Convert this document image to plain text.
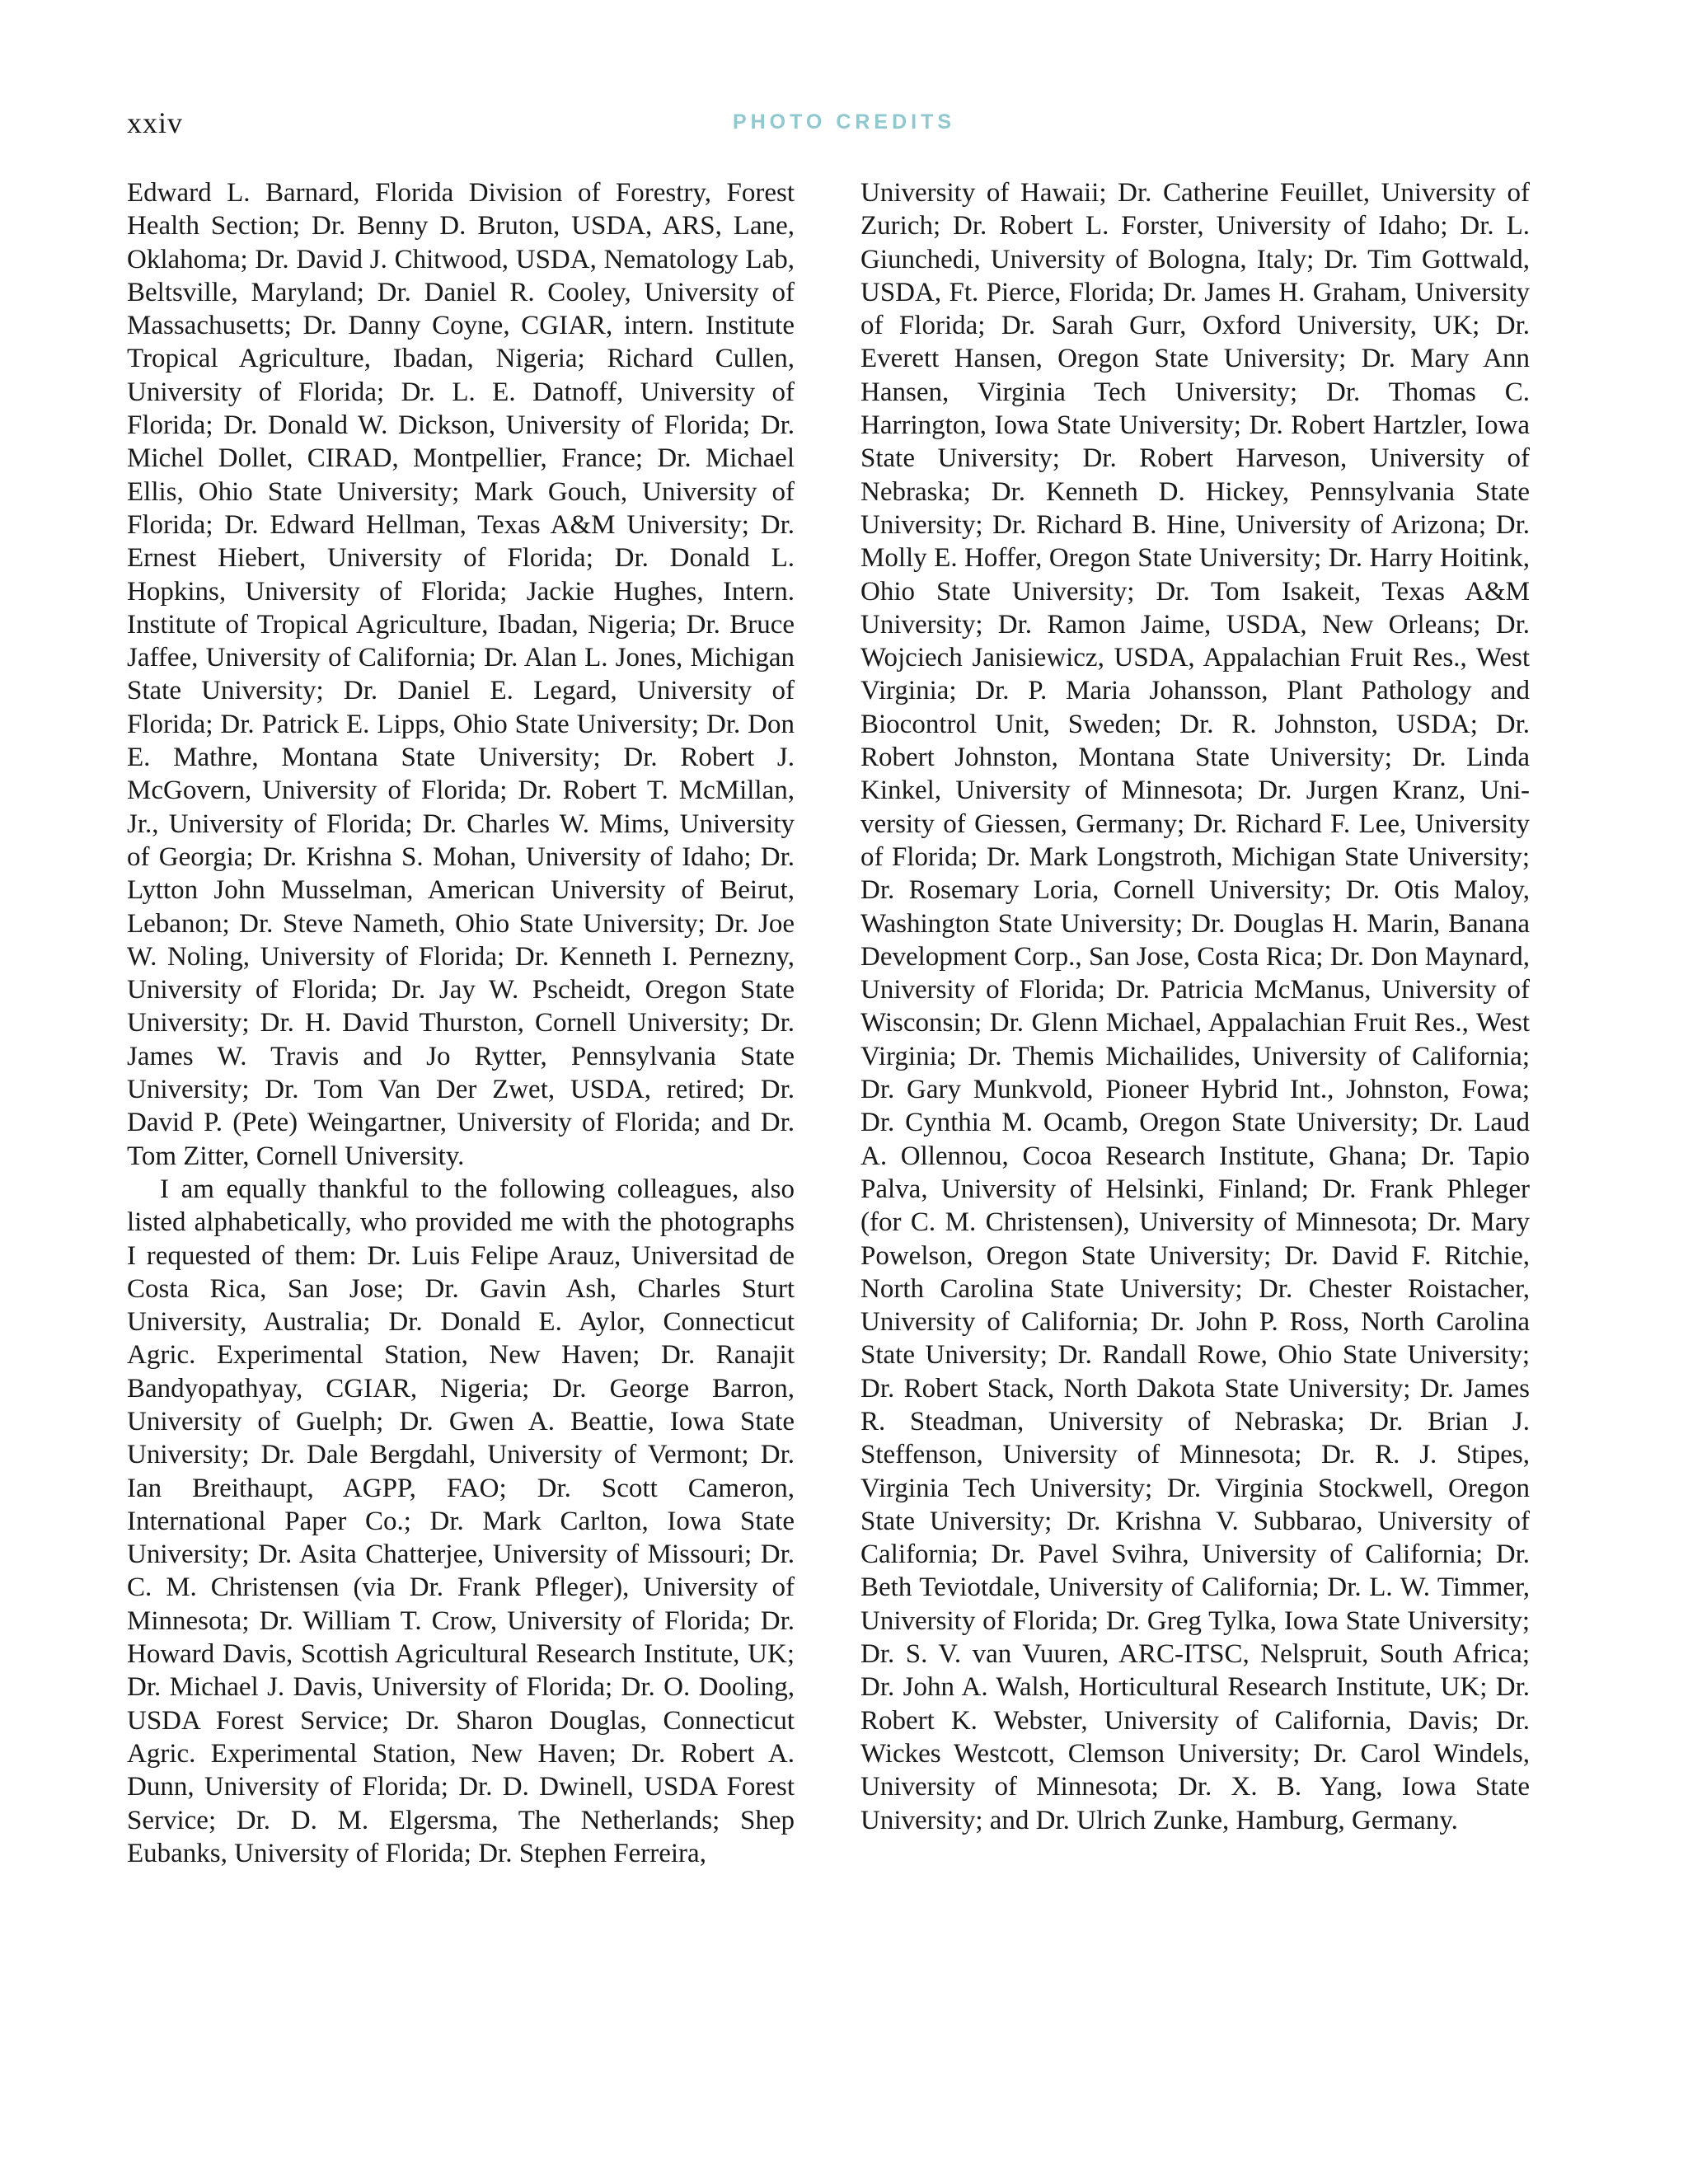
xxiv	PHOTO CREDITS

Edward L. Barnard, Florida Division of Forestry, Forest Health Section; Dr. Benny D. Bruton, USDA, ARS, Lane, Oklahoma; Dr. David J. Chitwood, USDA, Nematology Lab, Beltsville, Maryland; Dr. Daniel R. Cooley, University of Massachusetts; Dr. Danny Coyne, CGIAR, intern. Institute Tropical Agriculture, Ibadan, Nigeria; Richard Cullen, University of Florida; Dr. L. E. Datnoff, University of Florida; Dr. Donald W. Dickson, University of Florida; Dr. Michel Dollet, CIRAD, Montpellier, France; Dr. Michael Ellis, Ohio State University; Mark Gouch, University of Florida; Dr. Edward Hellman, Texas A&M University; Dr. Ernest Hiebert, University of Florida; Dr. Donald L. Hopkins, University of Florida; Jackie Hughes, Intern. Institute of Tropical Agriculture, Ibadan, Nigeria; Dr. Bruce Jaffee, University of California; Dr. Alan L. Jones, Michigan State University; Dr. Daniel E. Legard, University of Florida; Dr. Patrick E. Lipps, Ohio State University; Dr. Don E. Mathre, Montana State University; Dr. Robert J. McGovern, University of Florida; Dr. Robert T. McMillan, Jr., University of Florida; Dr. Charles W. Mims, University of Georgia; Dr. Krishna S. Mohan, University of Idaho; Dr. Lytton John Musselman, American University of Beirut, Lebanon; Dr. Steve Nameth, Ohio State University; Dr. Joe W. Noling, University of Florida; Dr. Kenneth I. Pernezny, University of Florida; Dr. Jay W. Pscheidt, Oregon State University; Dr. H. David Thurston, Cornell University; Dr. James W. Travis and Jo Rytter, Pennsylvania State University; Dr. Tom Van Der Zwet, USDA, retired; Dr. David P. (Pete) Weingartner, University of Florida; and Dr. Tom Zitter, Cornell University.

I am equally thankful to the following colleagues, also listed alphabetically, who provided me with the photographs I requested of them: Dr. Luis Felipe Arauz, Universitad de Costa Rica, San Jose; Dr. Gavin Ash, Charles Sturt University, Australia; Dr. Donald E. Aylor, Connecticut Agric. Experimental Station, New Haven; Dr. Ranajit Bandyopathyay, CGIAR, Nigeria; Dr. George Barron, University of Guelph; Dr. Gwen A. Beattie, Iowa State University; Dr. Dale Bergdahl, University of Vermont; Dr. Ian Breithaupt, AGPP, FAO; Dr. Scott Cameron, International Paper Co.; Dr. Mark Carlton, Iowa State University; Dr. Asita Chatterjee, University of Missouri; Dr. C. M. Christensen (via Dr. Frank Pfleger), University of Minnesota; Dr. William T. Crow, University of Florida; Dr. Howard Davis, Scottish Agricultural Research Institute, UK; Dr. Michael J. Davis, University of Florida; Dr. O. Dooling, USDA Forest Service; Dr. Sharon Douglas, Connecticut Agric. Experimental Station, New Haven; Dr. Robert A. Dunn, University of Florida; Dr. D. Dwinell, USDA Forest Service; Dr. D. M. Elgersma, The Netherlands; Shep Eubanks, University of Florida; Dr. Stephen Ferreira,

University of Hawaii; Dr. Catherine Feuillet, University of Zurich; Dr. Robert L. Forster, University of Idaho; Dr. L. Giunchedi, University of Bologna, Italy; Dr. Tim Gottwald, USDA, Ft. Pierce, Florida; Dr. James H. Graham, University of Florida; Dr. Sarah Gurr, Oxford University, UK; Dr. Everett Hansen, Oregon State University; Dr. Mary Ann Hansen, Virginia Tech University; Dr. Thomas C. Harrington, Iowa State University; Dr. Robert Hartzler, Iowa State University; Dr. Robert Harveson, University of Nebraska; Dr. Kenneth D. Hickey, Pennsylvania State University; Dr. Richard B. Hine, University of Arizona; Dr. Molly E. Hoffer, Oregon State University; Dr. Harry Hoitink, Ohio State University; Dr. Tom Isakeit, Texas A&M University; Dr. Ramon Jaime, USDA, New Orleans; Dr. Wojciech Janisiewicz, USDA, Appalachian Fruit Res., West Virginia; Dr. P. Maria Johansson, Plant Pathology and Biocontrol Unit, Sweden; Dr. R. Johnston, USDA; Dr. Robert Johnston, Montana State University; Dr. Linda Kinkel, University of Minnesota; Dr. Jurgen Kranz, University of Giessen, Germany; Dr. Richard F. Lee, University of Florida; Dr. Mark Longstroth, Michigan State University; Dr. Rosemary Loria, Cornell University; Dr. Otis Maloy, Washington State University; Dr. Douglas H. Marin, Banana Development Corp., San Jose, Costa Rica; Dr. Don Maynard, University of Florida; Dr. Patricia McManus, University of Wisconsin; Dr. Glenn Michael, Appalachian Fruit Res., West Virginia; Dr. Themis Michailides, University of California; Dr. Gary Munkvold, Pioneer Hybrid Int., Johnston, Fowa; Dr. Cynthia M. Ocamb, Oregon State University; Dr. Laud A. Ollennou, Cocoa Research Institute, Ghana; Dr. Tapio Palva, University of Helsinki, Finland; Dr. Frank Phleger (for C. M. Christensen), University of Minnesota; Dr. Mary Powelson, Oregon State University; Dr. David F. Ritchie, North Carolina State University; Dr. Chester Roistacher, University of California; Dr. John P. Ross, North Carolina State University; Dr. Randall Rowe, Ohio State University; Dr. Robert Stack, North Dakota State University; Dr. James R. Steadman, University of Nebraska; Dr. Brian J. Steffenson, University of Minnesota; Dr. R. J. Stipes, Virginia Tech University; Dr. Virginia Stockwell, Oregon State University; Dr. Krishna V. Subbarao, University of California; Dr. Pavel Svihra, University of California; Dr. Beth Teviotdale, University of California; Dr. L. W. Timmer, University of Florida; Dr. Greg Tylka, Iowa State University; Dr. S. V. van Vuuren, ARC-ITSC, Nelspruit, South Africa; Dr. John A. Walsh, Horticultural Research Institute, UK; Dr. Robert K. Webster, University of California, Davis; Dr. Wickes Westcott, Clemson University; Dr. Carol Windels, University of Minnesota; Dr. X. B. Yang, Iowa State University; and Dr. Ulrich Zunke, Hamburg, Germany.
